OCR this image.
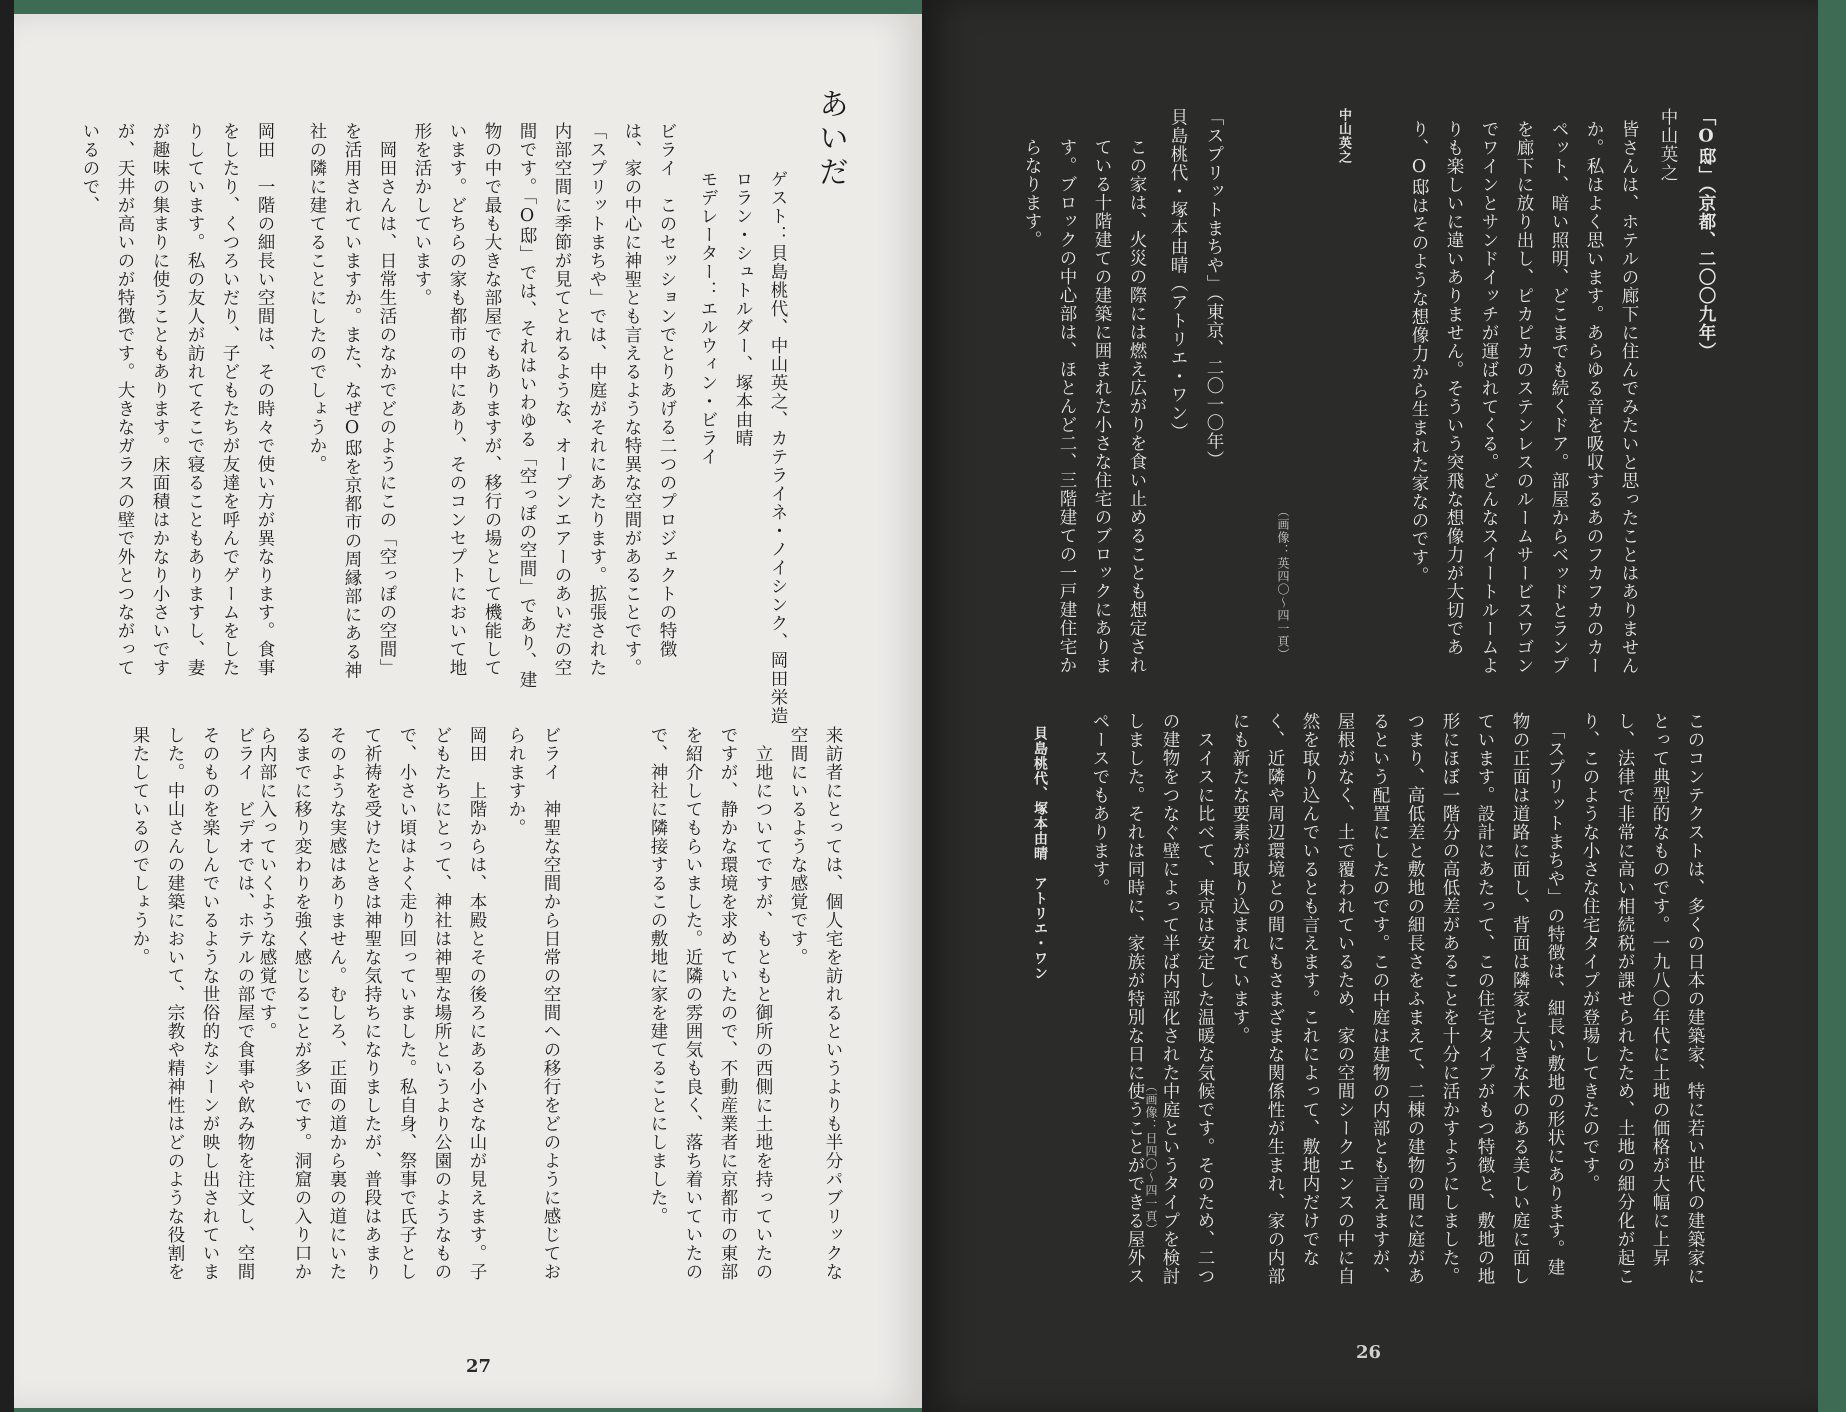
あいだ
ゲスト：貝島桃代、中山英之、カテライネ・ノイシンク、岡田栄造
ロラン・シュトルダー、塚本由晴
モデレーター：エルウィン・ビライ
ビライ　このセッションでとりあげる二つのプロジェクトの特徴は、家の中心に神聖とも言えるような特異な空間があることです。「スプリットまちや」では、中庭がそれにあたります。拡張された内部空間に季節が見てとれるような、オープンエアーのあいだの空間です。「O邸」では、それはいわゆる「空っぽの空間」であり、建物の中で最も大きな部屋でもありますが、移行の場として機能しています。どちらの家も都市の中にあり、そのコンセプトにおいて地形を活かしています。
　岡田さんは、日常生活のなかでどのようにこの「空っぽの空間」を活用されていますか。また、なぜO邸を京都市の周縁部にある神社の隣に建てることにしたのでしょうか。
岡田　一階の細長い空間は、その時々で使い方が異なります。食事をしたり、くつろいだり、子どもたちが友達を呼んでゲームをしたりしています。私の友人が訪れてそこで寝ることもありますし、妻が趣味の集まりに使うこともあります。床面積はかなり小さいですが、天井が高いのが特徴です。大きなガラスの壁で外とつながっているので、
来訪者にとっては、個人宅を訪れるというよりも半分パブリックな空間にいるような感覚です。
　立地についてですが、もともと御所の西側に土地を持っていたのですが、静かな環境を求めていたので、不動産業者に京都市の東部を紹介してもらいました。近隣の雰囲気も良く、落ち着いていたので、神社に隣接するこの敷地に家を建てることにしました。
ビライ　神聖な空間から日常の空間への移行をどのように感じておられますか。
岡田　上階からは、本殿とその後ろにある小さな山が見えます。子どもたちにとって、神社は神聖な場所というより公園のようなもので、小さい頃はよく走り回っていました。私自身、祭事で氏子として祈祷を受けたときは神聖な気持ちになりましたが、普段はあまりそのような実感はありません。むしろ、正面の道から裏の道にいたるまでに移り変わりを強く感じることが多いです。洞窟の入り口から内部に入っていくような感覚です。
ビライ　ビデオでは、ホテルの部屋で食事や飲み物を注文し、空間そのものを楽しんでいるような世俗的なシーンが映し出されていました。中山さんの建築において、宗教や精神性はどのような役割を果たしているのでしょうか。
27
「O邸」（京都、二〇〇九年）
中山英之
皆さんは、ホテルの廊下に住んでみたいと思ったことはありませんか。私はよく思います。あらゆる音を吸収するあのフカフカのカーペット、暗い照明、どこまでも続くドア。部屋からベッドとランプを廊下に放り出し、ピカピカのステンレスのルームサービスワゴンでワインとサンドイッチが運ばれてくる。どんなスイートルームよりも楽しいに違いありません。そういう突飛な想像力が大切であり、O邸はそのような想像力から生まれた家なのです。
（画像：英四〇〜四一頁）
中山英之
「スプリットまちや」（東京、二〇一〇年）
貝島桃代・塚本由晴（アトリエ・ワン）
この家は、火災の際には燃え広がりを食い止めることも想定されている十階建ての建築に囲まれた小さな住宅のブロックにあります。ブロックの中心部は、ほとんど二、三階建ての一戸建住宅からなります。
このコンテクストは、多くの日本の建築家、特に若い世代の建築家にとって典型的なものです。一九八〇年代に土地の価格が大幅に上昇し、法律で非常に高い相続税が課せられたため、土地の細分化が起こり、このような小さな住宅タイプが登場してきたのです。
　「スプリットまちや」の特徴は、細長い敷地の形状にあります。建物の正面は道路に面し、背面は隣家と大きな木のある美しい庭に面しています。設計にあたって、この住宅タイプがもつ特徴と、敷地の地形にほぼ一階分の高低差があることを十分に活かすようにしました。つまり、高低差と敷地の細長さをふまえて、二棟の建物の間に庭があるという配置にしたのです。この中庭は建物の内部とも言えますが、屋根がなく、土で覆われているため、家の空間シークエンスの中に自然を取り込んでいるとも言えます。これによって、敷地内だけでなく、近隣や周辺環境との間にもさまざまな関係性が生まれ、家の内部にも新たな要素が取り込まれています。
　スイスに比べて、東京は安定した温暖な気候です。そのため、二つの建物をつなぐ壁によって半ば内部化された中庭というタイプを検討しました。それは同時に、家族が特別な日に使うことができる屋外スペースでもあります。
貝島桃代、塚本由晴　アトリエ・ワン
（画像：日四〇〜四一頁）
26
